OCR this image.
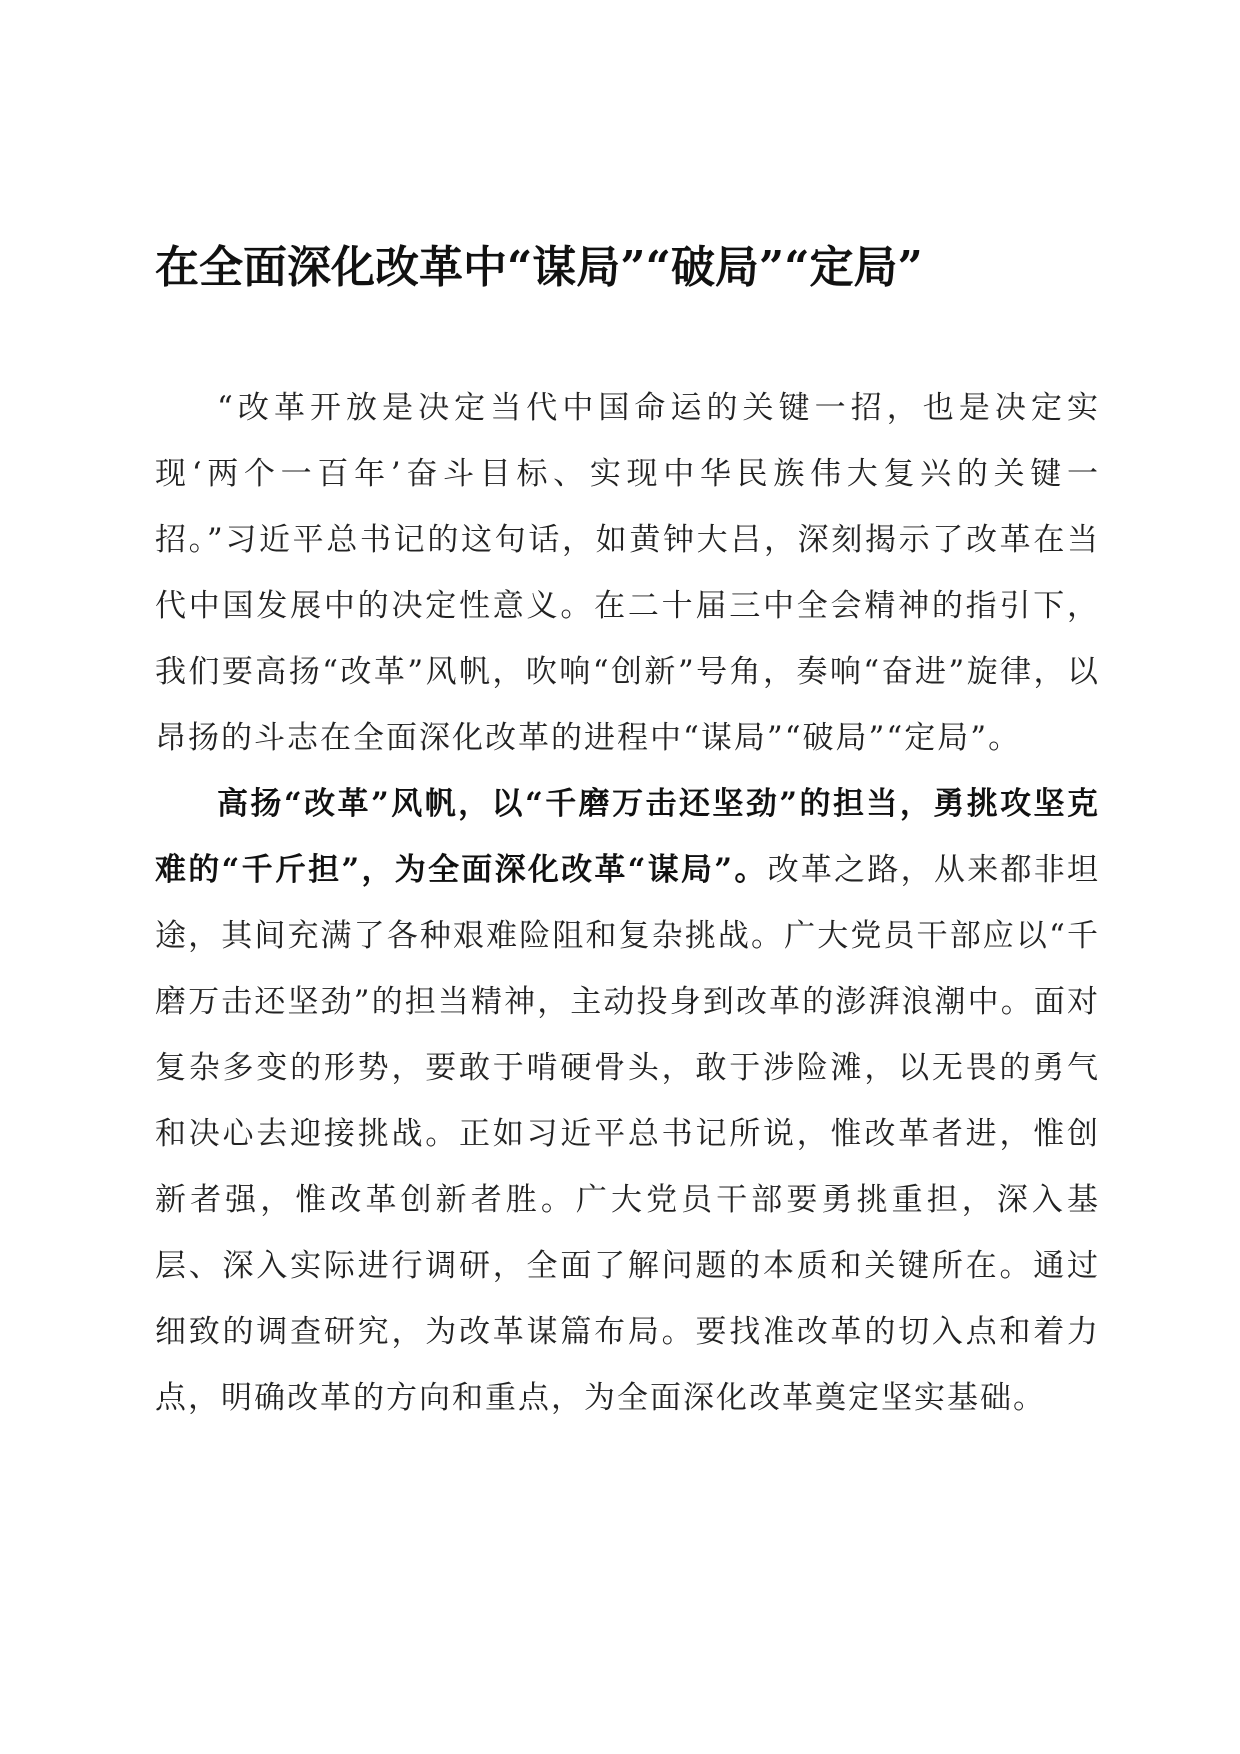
在全面深化改革中“谋局”“破局”“定局”

“改革开放是决定当代中国命运的关键一招，也是决定实现‘两个一百年’奋斗目标、实现中华民族伟大复兴的关键一招。”习近平总书记的这句话，如黄钟大吕，深刻揭示了改革在当代中国发展中的决定性意义。在二十届三中全会精神的指引下，我们要高扬“改革”风帆，吹响“创新”号角，奏响“奋进”旋律，以昂扬的斗志在全面深化改革的进程中“谋局”“破局”“定局”。

高扬“改革”风帆，以“千磨万击还坚劲”的担当，勇挑攻坚克难的“千斤担”，为全面深化改革“谋局”。改革之路，从来都非坦途，其间充满了各种艰难险阻和复杂挑战。广大党员干部应以“千磨万击还坚劲”的担当精神，主动投身到改革的澎湃浪潮中。面对复杂多变的形势，要敢于啃硬骨头，敢于涉险滩，以无畏的勇气和决心去迎接挑战。正如习近平总书记所说，惟改革者进，惟创新者强，惟改革创新者胜。广大党员干部要勇挑重担，深入基层、深入实际进行调研，全面了解问题的本质和关键所在。通过细致的调查研究，为改革谋篇布局。要找准改革的切入点和着力点，明确改革的方向和重点，为全面深化改革奠定坚实基础。
